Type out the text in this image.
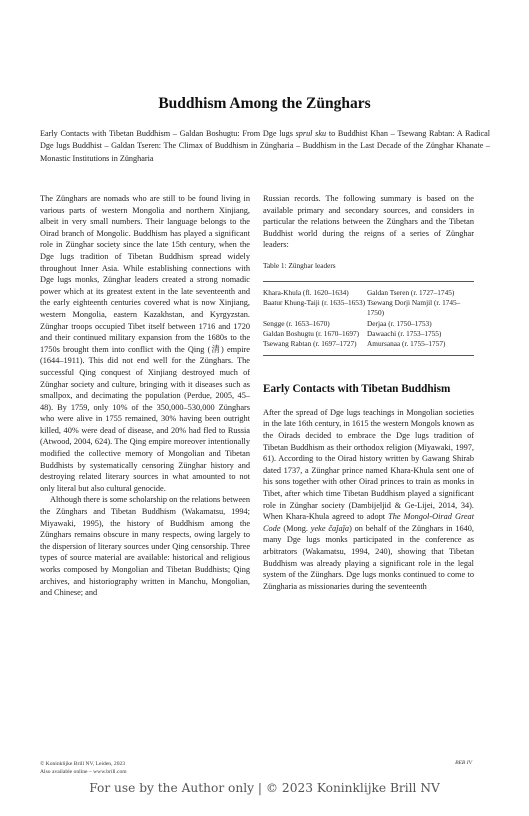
Buddhism Among the Zünghars
Early Contacts with Tibetan Buddhism – Galdan Boshugtu: From Dge lugs sprul sku to Buddhist Khan – Tsewang Rabtan: A Radical Dge lugs Buddhist – Galdan Tseren: The Climax of Buddhism in Züngharia – Buddhism in the Last Decade of the Zünghar Khanate – Monastic Institutions in Züngharia

The Zünghars are nomads who are still to be found living in various parts of western Mongolia and northern Xinjiang, albeit in very small numbers. Their language belongs to the Oirad branch of Mongolic. Buddhism has played a significant role in Zünghar society since the late 15th century, when the Dge lugs tradition of Tibetan Buddhism spread widely throughout Inner Asia. While establishing connections with Dge lugs monks, Zünghar leaders created a strong nomadic power which at its greatest extent in the late seventeenth and the early eighteenth centuries covered what is now Xinjiang, western Mongolia, eastern Kazakhstan, and Kyrgyzstan. Zünghar troops occupied Tibet itself between 1716 and 1720 and their continued military expansion from the 1680s to the 1750s brought them into conflict with the Qing (清) empire (1644–1911). This did not end well for the Zünghars. The successful Qing conquest of Xinjiang destroyed much of Zünghar society and culture, bringing with it diseases such as smallpox, and decimating the population (Perdue, 2005, 45–48). By 1759, only 10% of the 350,000–530,000 Zünghars who were alive in 1755 remained, 30% having been outright killed, 40% were dead of disease, and 20% had fled to Russia (Atwood, 2004, 624). The Qing empire moreover intentionally modified the collective memory of Mongolian and Tibetan Buddhists by systematically censoring Zünghar history and destroying related literary sources in what amounted to not only literal but also cultural genocide.

Although there is some scholarship on the relations between the Zünghars and Tibetan Buddhism (Wakamatsu, 1994; Miyawaki, 1995), the history of Buddhism among the Zünghars remains obscure in many respects, owing largely to the dispersion of literary sources under Qing censorship. Three types of source material are available: historical and religious works composed by Mongolian and Tibetan Buddhists; Qing archives, and historiography written in Manchu, Mongolian, and Chinese; and

Russian records. The following summary is based on the available primary and secondary sources, and considers in particular the relations between the Zünghars and the Tibetan Buddhist world during the reigns of a series of Zünghar leaders:

Table 1: Zünghar leaders
Khara-Khula (fl. 1620–1634)	Galdan Tseren (r. 1727–1745)
Baatur Khung-Taiji (r. 1635–1653) Tsewang Dorji Namjil (r. 1745–1750)
Sengge (r. 1653–1670)	Derjaa (r. 1750–1753)
Galdan Boshugtu (r. 1670–1697)	Dawaachi (r. 1753–1755)
Tsewang Rabtan (r. 1697–1727)	Amursanaa (r. 1755–1757)
Early Contacts with Tibetan Buddhism

After the spread of Dge lugs teachings in Mongolian societies in the late 16th century, in 1615 the western Mongols known as the Oirads decided to embrace the Dge lugs tradition of Tibetan Buddhism as their orthodox religion (Miyawaki, 1997, 61). According to the Oirad history written by Gawang Shirab dated 1737, a Zünghar prince named Khara-Khula sent one of his sons together with other Oirad princes to train as monks in Tibet, after which time Tibetan Buddhism played a significant role in Zünghar society (Dambijeljid & Ge-Lijei, 2014, 34). When Khara-Khula agreed to adopt The Mongol-Oirad Great Code (Mong. yeke čaǰaǰa) on behalf of the Zünghars in 1640, many Dge lugs monks participated in the conference as arbitrators (Wakamatsu, 1994, 240), showing that Tibetan Buddhism was already playing a significant role in the legal system of the Zünghars. Dge lugs monks continued to come to Züngharia as missionaries during the seventeenth

© Koninklijke Brill NV, Leiden, 2023
Also available online – www.brill.com
BEB IV
For use by the Author only | © 2023 Koninklijke Brill NV
